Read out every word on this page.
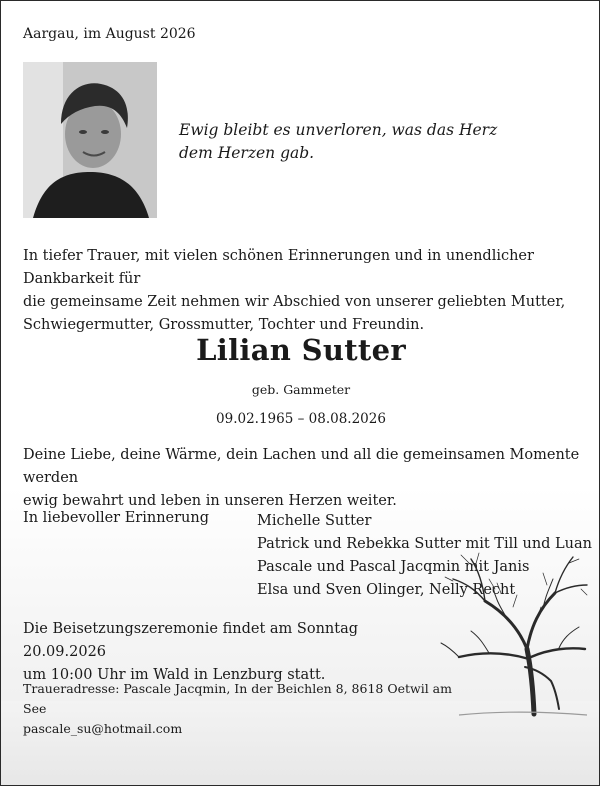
Aargau, im August 2026
Ewig bleibt es unverloren, was das Herz
dem Herzen gab.
In tiefer Trauer, mit vielen schönen Erinnerungen und in unendlicher Dankbarkeit für
die gemeinsame Zeit nehmen wir Abschied von unserer geliebten Mutter,
Schwiegermutter, Grossmutter, Tochter und Freundin.
Lilian Sutter
geb. Gammeter
09.02.1965 – 08.08.2026
Deine Liebe, deine Wärme, dein Lachen und all die gemeinsamen Momente werden
ewig bewahrt und leben in unseren Herzen weiter.
In liebevoller Erinnerung	Michelle Sutter
Patrick und Rebekka Sutter mit Till und Luan
Pascale und Pascal Jacqmin mit Janis
Elsa und Sven Olinger, Nelly Recht
Die Beisetzungszeremonie findet am Sonntag 20.09.2026
um 10:00 Uhr im Wald in Lenzburg statt.
Traueradresse: Pascale Jacqmin, In der Beichlen 8, 8618 Oetwil am See
pascale_su@hotmail.com
